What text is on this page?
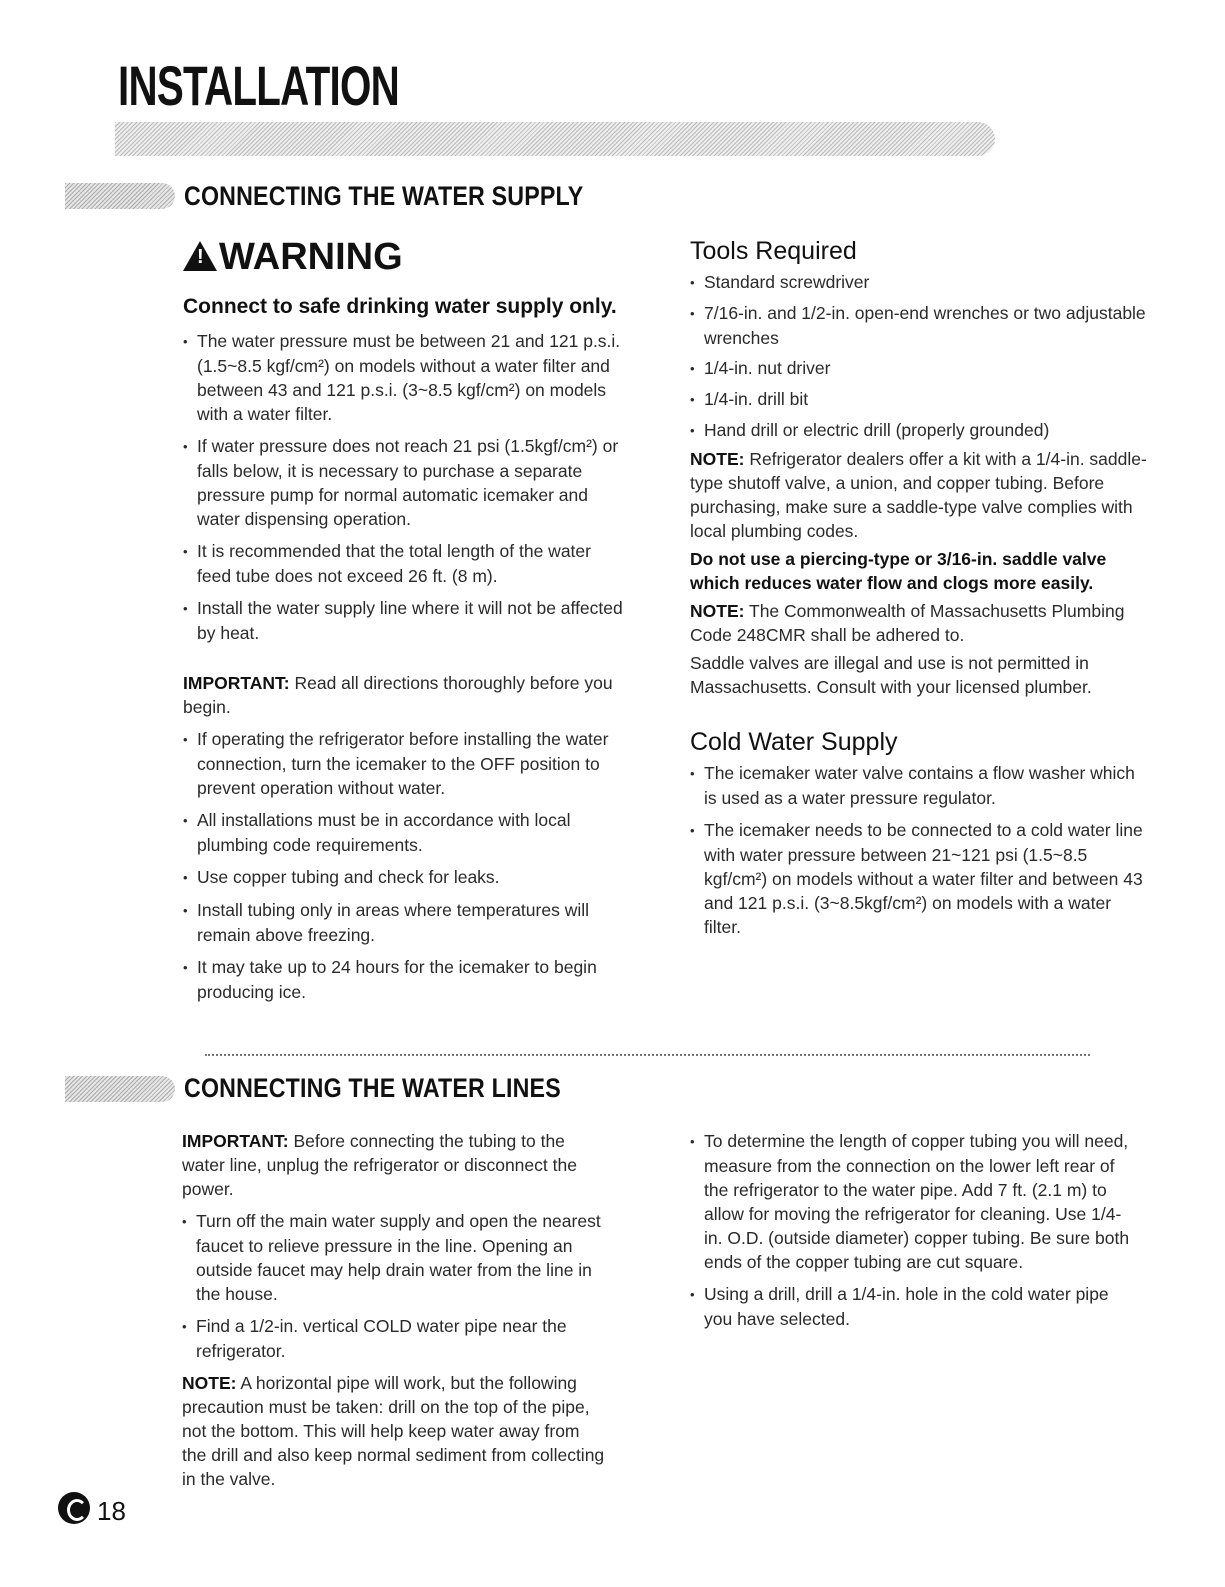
INSTALLATION
CONNECTING THE WATER SUPPLY
!WARNING
Connect to safe drinking water supply only.
• The water pressure must be between 21 and 121 p.s.i. (1.5~8.5 kgf/cm²) on models without a water filter and between 43 and 121 p.s.i. (3~8.5 kgf/cm²) on models with a water filter.
• If water pressure does not reach 21 psi (1.5kgf/cm²) or falls below, it is necessary to purchase a separate pressure pump for normal automatic icemaker and water dispensing operation.
• It is recommended that the total length of the water feed tube does not exceed 26 ft. (8 m).
• Install the water supply line where it will not be affected by heat.

IMPORTANT: Read all directions thoroughly before you begin.

• If operating the refrigerator before installing the water connection, turn the icemaker to the OFF position to prevent operation without water.
• All installations must be in accordance with local plumbing code requirements.
• Use copper tubing and check for leaks.
• Install tubing only in areas where temperatures will remain above freezing.
• It may take up to 24 hours for the icemaker to begin producing ice.
Tools Required
• Standard screwdriver
• 7/16-in. and 1/2-in. open-end wrenches or two adjustable wrenches
• 1/4-in. nut driver
• 1/4-in. drill bit
• Hand drill or electric drill (properly grounded)

NOTE: Refrigerator dealers offer a kit with a 1/4-in. saddle-type shutoff valve, a union, and copper tubing. Before purchasing, make sure a saddle-type valve complies with local plumbing codes.

Do not use a piercing-type or 3/16-in. saddle valve which reduces water flow and clogs more easily.

NOTE: The Commonwealth of Massachusetts Plumbing Code 248CMR shall be adhered to.

Saddle valves are illegal and use is not permitted in Massachusetts. Consult with your licensed plumber.

Cold Water Supply
• The icemaker water valve contains a flow washer which is used as a water pressure regulator.
• The icemaker needs to be connected to a cold water line with water pressure between 21~121 psi (1.5~8.5 kgf/cm²) on models without a water filter and between 43 and 121 p.s.i. (3~8.5kgf/cm²) on models with a water filter.
CONNECTING THE WATER LINES

IMPORTANT: Before connecting the tubing to the water line, unplug the refrigerator or disconnect the power.

• Turn off the main water supply and open the nearest faucet to relieve pressure in the line. Opening an outside faucet may help drain water from the line in the house.
• Find a 1/2-in. vertical COLD water pipe near the refrigerator.

NOTE: A horizontal pipe will work, but the following precaution must be taken: drill on the top of the pipe, not the bottom. This will help keep water away from the drill and also keep normal sediment from collecting in the valve.

• To determine the length of copper tubing you will need, measure from the connection on the lower left rear of the refrigerator to the water pipe. Add 7 ft. (2.1 m) to allow for moving the refrigerator for cleaning. Use 1/4-in. O.D. (outside diameter) copper tubing. Be sure both ends of the copper tubing are cut square.
• Using a drill, drill a 1/4-in. hole in the cold water pipe you have selected.
18
